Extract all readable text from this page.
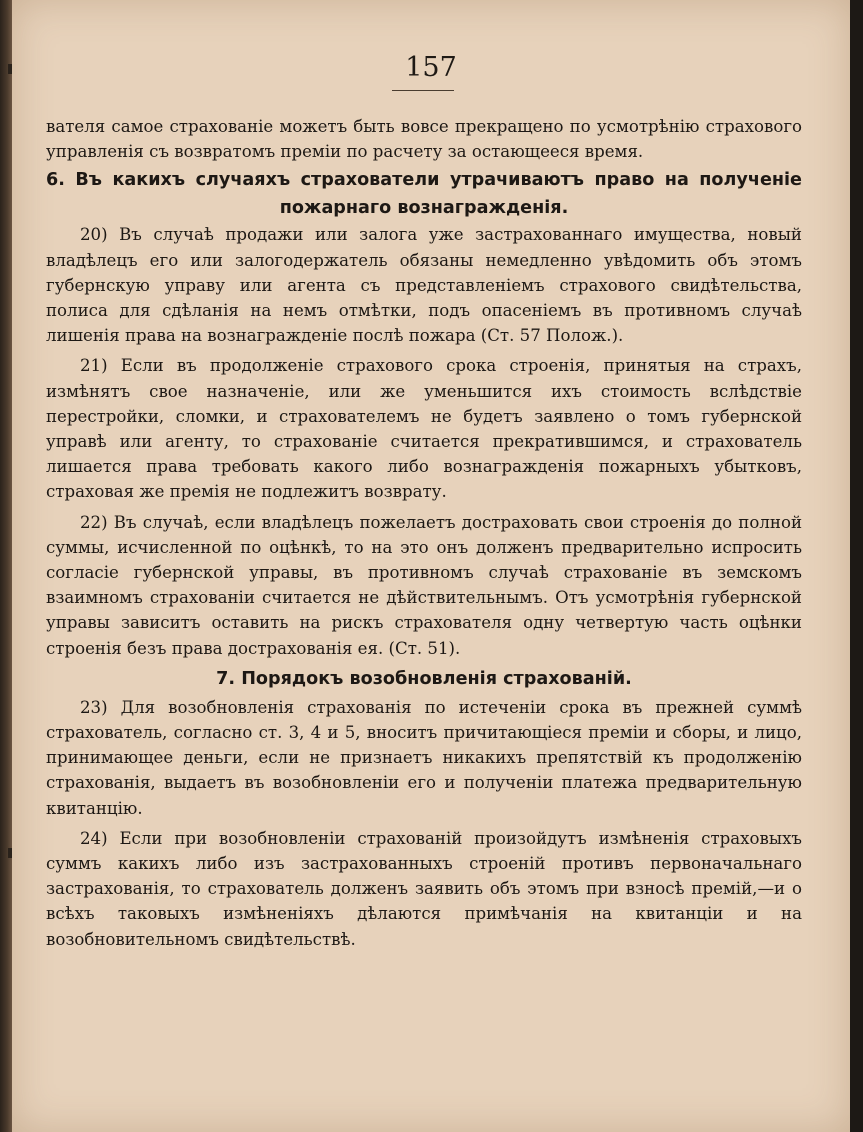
157

вателя самое страхованіе можетъ быть вовсе прекращено по усмотрѣнію страхового управленія съ возвратомъ преміи по расчету за остающееся время.

6. Въ какихъ случаяхъ страхователи утрачиваютъ право на полученіе пожарнаго вознагражденія.

20) Въ случаѣ продажи или залога уже застрахованнаго имущества, новый владѣлецъ его или залогодержатель обязаны немедленно увѣдомить объ этомъ губернскую управу или агента съ представленіемъ страхового свидѣтельства, полиса для сдѣланія на немъ отмѣтки, подъ опасеніемъ въ противномъ случаѣ лишенія права на вознагражденіе послѣ пожара (Ст. 57 Полож.).

21) Если въ продолженіе страхового срока строенія, принятыя на страхъ, измѣнятъ свое назначеніе, или же уменьшится ихъ стоимость вслѣдствіе перестройки, сломки, и страхователемъ не будетъ заявлено о томъ губернской управѣ или агенту, то страхованіе считается прекратившимся, и страхователь лишается права требовать какого либо вознагражденія пожарныхъ убытковъ, страховая же премія не подлежитъ возврату.

22) Въ случаѣ, если владѣлецъ пожелаетъ дострахoвать свои строенія до полной суммы, исчисленной по оцѣнкѣ, то на это онъ долженъ предварительно испросить согласіе губернской управы, въ противномъ случаѣ страхованіе въ земскомъ взаимномъ страхованіи считается не дѣйствительнымъ. Отъ усмотрѣнія губернской управы зависитъ оставить на рискъ страхователя одну четвертую часть оцѣнки строенія безъ права дострахованія ея. (Ст. 51).

7. Порядокъ возобновленія страхованій.

23) Для возобновленія страхованія по истеченіи срока въ прежней суммѣ страхователь, согласно ст. 3, 4 и 5, вноситъ причитающіеся преміи и сборы, и лицо, принимающее деньги, если не признаетъ никакихъ препятствій къ продолженію страхованія, выдаетъ въ возобновленіи его и полученіи платежа предварительную квитанцію.

24) Если при возобновленіи страхованій произойдутъ измѣненія страховыхъ суммъ какихъ либо изъ застрахованныхъ строеній противъ первоначальнаго застрахованія, то страхователь долженъ заявить объ этомъ при взносѣ премій,—и о всѣхъ таковыхъ измѣненіяхъ дѣлаются примѣчанія на квитанціи и на возобновительномъ свидѣтельствѣ.
